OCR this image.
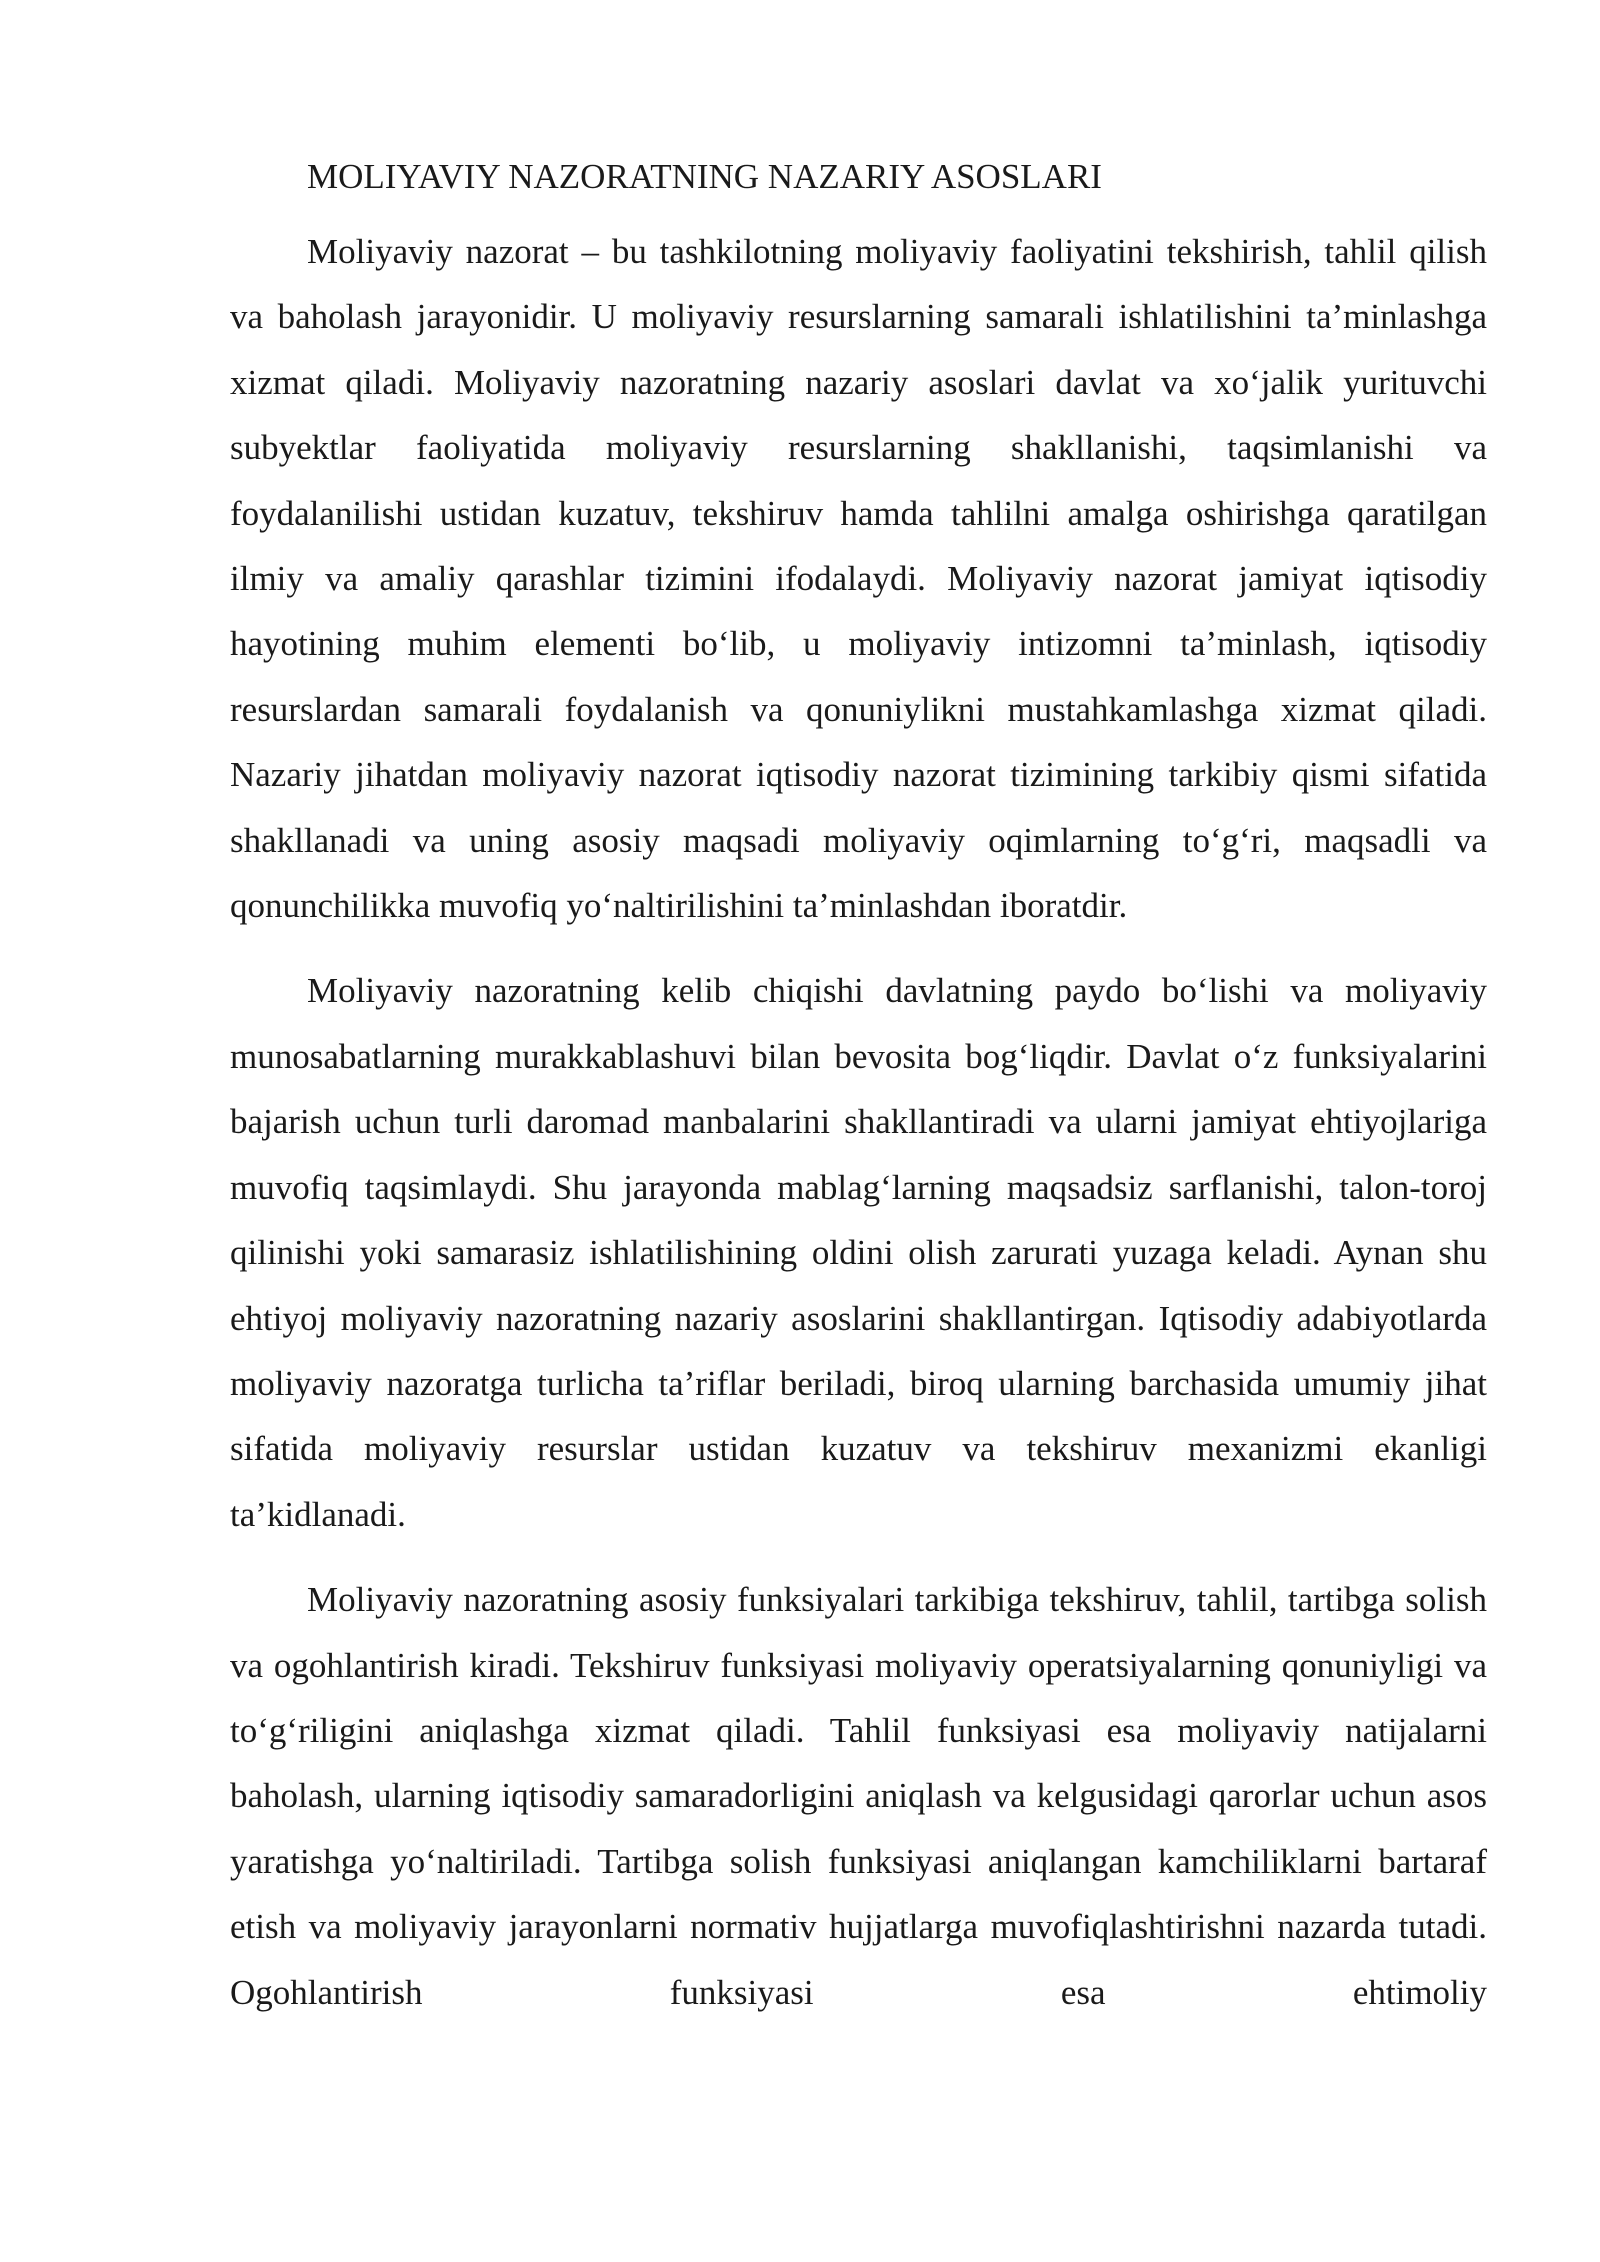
MOLIYAVIY NAZORATNING NAZARIY ASOSLARI

Moliyaviy nazorat – bu tashkilotning moliyaviy faoliyatini tekshirish, tahlil qilish va baholash jarayonidir. U moliyaviy resurslarning samarali ishlatilishini ta’minlashga xizmat qiladi. Moliyaviy nazoratning nazariy asoslari davlat va xo‘jalik yurituvchi subyektlar faoliyatida moliyaviy resurslarning shakllanishi, taqsimlanishi va foydalanilishi ustidan kuzatuv, tekshiruv hamda tahlilni amalga oshirishga qaratilgan ilmiy va amaliy qarashlar tizimini ifodalaydi. Moliyaviy nazorat jamiyat iqtisodiy hayotining muhim elementi bo‘lib, u moliyaviy intizomni ta’minlash, iqtisodiy resurslardan samarali foydalanish va qonuniylikni mustahkamlashga xizmat qiladi. Nazariy jihatdan moliyaviy nazorat iqtisodiy nazorat tizimining tarkibiy qismi sifatida shakllanadi va uning asosiy maqsadi moliyaviy oqimlarning to‘g‘ri, maqsadli va qonunchilikka muvofiq yo‘naltirilishini ta’minlashdan iboratdir.

Moliyaviy nazoratning kelib chiqishi davlatning paydo bo‘lishi va moliyaviy munosabatlarning murakkablashuvi bilan bevosita bog‘liqdir. Davlat o‘z funksiyalarini bajarish uchun turli daromad manbalarini shakllantiradi va ularni jamiyat ehtiyojlariga muvofiq taqsimlaydi. Shu jarayonda mablag‘larning maqsadsiz sarflanishi, talon-toroj qilinishi yoki samarasiz ishlatilishining oldini olish zarurati yuzaga keladi. Aynan shu ehtiyoj moliyaviy nazoratning nazariy asoslarini shakllantirgan. Iqtisodiy adabiyotlarda moliyaviy nazoratga turlicha ta’riflar beriladi, biroq ularning barchasida umumiy jihat sifatida moliyaviy resurslar ustidan kuzatuv va tekshiruv mexanizmi ekanligi ta’kidlanadi.

Moliyaviy nazoratning asosiy funksiyalari tarkibiga tekshiruv, tahlil, tartibga solish va ogohlantirish kiradi. Tekshiruv funksiyasi moliyaviy operatsiyalarning qonuniyligi va to‘g‘riligini aniqlashga xizmat qiladi. Tahlil funksiyasi esa moliyaviy natijalarni baholash, ularning iqtisodiy samaradorligini aniqlash va kelgusidagi qarorlar uchun asos yaratishga yo‘naltiriladi. Tartibga solish funksiyasi aniqlangan kamchiliklarni bartaraf etish va moliyaviy jarayonlarni normativ hujjatlarga muvofiqlashtirishni nazarda tutadi. Ogohlantirish funksiyasi esa ehtimoliy
